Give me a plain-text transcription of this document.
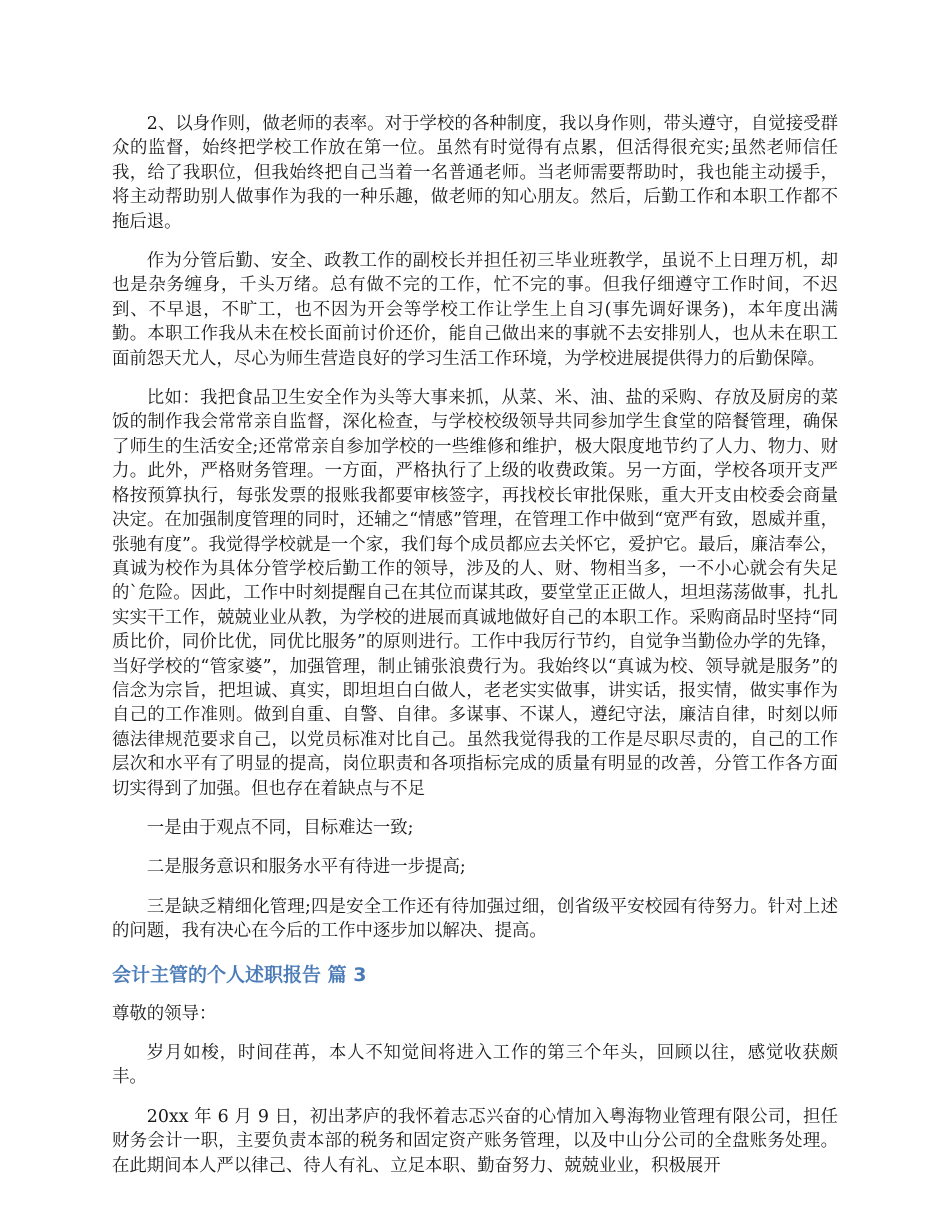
2、以身作则，做老师的表率。对于学校的各种制度，我以身作则，带头遵守，自觉接受群众的监督，始终把学校工作放在第一位。虽然有时觉得有点累，但活得很充实;虽然老师信任我，给了我职位，但我始终把自己当着一名普通老师。当老师需要帮助时，我也能主动援手，将主动帮助别人做事作为我的一种乐趣，做老师的知心朋友。然后，后勤工作和本职工作都不拖后退。

作为分管后勤、安全、政教工作的副校长并担任初三毕业班教学，虽说不上日理万机，却也是杂务缠身，千头万绪。总有做不完的工作，忙不完的事。但我仔细遵守工作时间，不迟到、不早退，不旷工，也不因为开会等学校工作让学生上自习(事先调好课务)，本年度出满勤。本职工作我从未在校长面前讨价还价，能自己做出来的事就不去安排别人，也从未在职工面前怨天尤人，尽心为师生营造良好的学习生活工作环境，为学校进展提供得力的后勤保障。

比如：我把食品卫生安全作为头等大事来抓，从菜、米、油、盐的采购、存放及厨房的菜饭的制作我会常常亲自监督，深化检查，与学校校级领导共同参加学生食堂的陪餐管理，确保了师生的生活安全;还常常亲自参加学校的一些维修和维护，极大限度地节约了人力、物力、财力。此外，严格财务管理。一方面，严格执行了上级的收费政策。另一方面，学校各项开支严格按预算执行，每张发票的报账我都要审核签字，再找校长审批保账，重大开支由校委会商量决定。在加强制度管理的同时，还辅之“情感”管理，在管理工作中做到“宽严有致，恩威并重，张驰有度”。我觉得学校就是一个家，我们每个成员都应去关怀它，爱护它。最后，廉洁奉公，真诚为校作为具体分管学校后勤工作的领导，涉及的人、财、物相当多，一不小心就会有失足的`危险。因此，工作中时刻提醒自己在其位而谋其政，要堂堂正正做人，坦坦荡荡做事，扎扎实实干工作，兢兢业业从教，为学校的进展而真诚地做好自己的本职工作。采购商品时坚持“同质比价，同价比优，同优比服务”的原则进行。工作中我厉行节约，自觉争当勤俭办学的先锋，当好学校的“管家婆”，加强管理，制止铺张浪费行为。我始终以“真诚为校、领导就是服务”的信念为宗旨，把坦诚、真实，即坦坦白白做人，老老实实做事，讲实话，报实情，做实事作为自己的工作准则。做到自重、自警、自律。多谋事、不谋人，遵纪守法，廉洁自律，时刻以师德法律规范要求自己，以党员标准对比自己。虽然我觉得我的工作是尽职尽责的，自己的工作层次和水平有了明显的提高，岗位职责和各项指标完成的质量有明显的改善，分管工作各方面切实得到了加强。但也存在着缺点与不足

一是由于观点不同，目标难达一致;

二是服务意识和服务水平有待进一步提高;

三是缺乏精细化管理;四是安全工作还有待加强过细，创省级平安校园有待努力。针对上述的问题，我有决心在今后的工作中逐步加以解决、提高。

会计主管的个人述职报告 篇 3

尊敬的领导：

岁月如梭，时间荏苒，本人不知觉间将进入工作的第三个年头，回顾以往，感觉收获颇丰。

20xx 年 6 月 9 日，初出茅庐的我怀着志忑兴奋的心情加入粤海物业管理有限公司，担任财务会计一职，主要负责本部的税务和固定资产账务管理，以及中山分公司的全盘账务处理。在此期间本人严以律己、待人有礼、立足本职、勤奋努力、兢兢业业，积极展开
